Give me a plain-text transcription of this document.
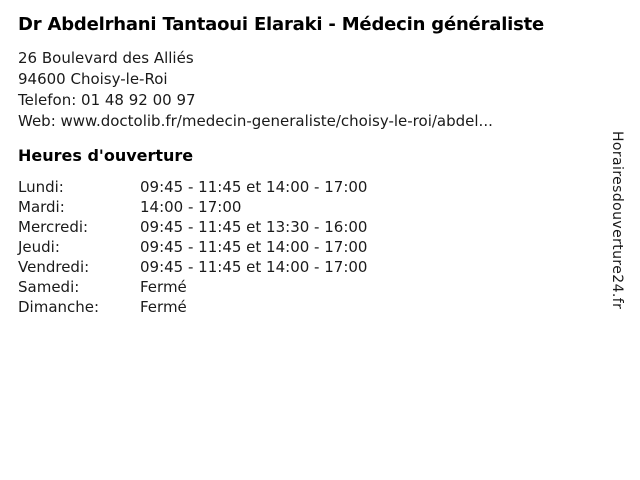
Dr Abdelrhani Tantaoui Elaraki - Médecin généraliste
26 Boulevard des Alliés
94600 Choisy-le-Roi
Telefon: 01 48 92 00 97
Web: www.doctolib.fr/medecin-generaliste/choisy-le-roi/abdel...
Heures d'ouverture
Lundi:	09:45 - 11:45 et 14:00 - 17:00
Mardi:	14:00 - 17:00
Mercredi:	09:45 - 11:45 et 13:30 - 16:00
Jeudi:	09:45 - 11:45 et 14:00 - 17:00
Vendredi:	09:45 - 11:45 et 14:00 - 17:00
Samedi:	Fermé
Dimanche:	Fermé	Horairesdouverture24.fr
